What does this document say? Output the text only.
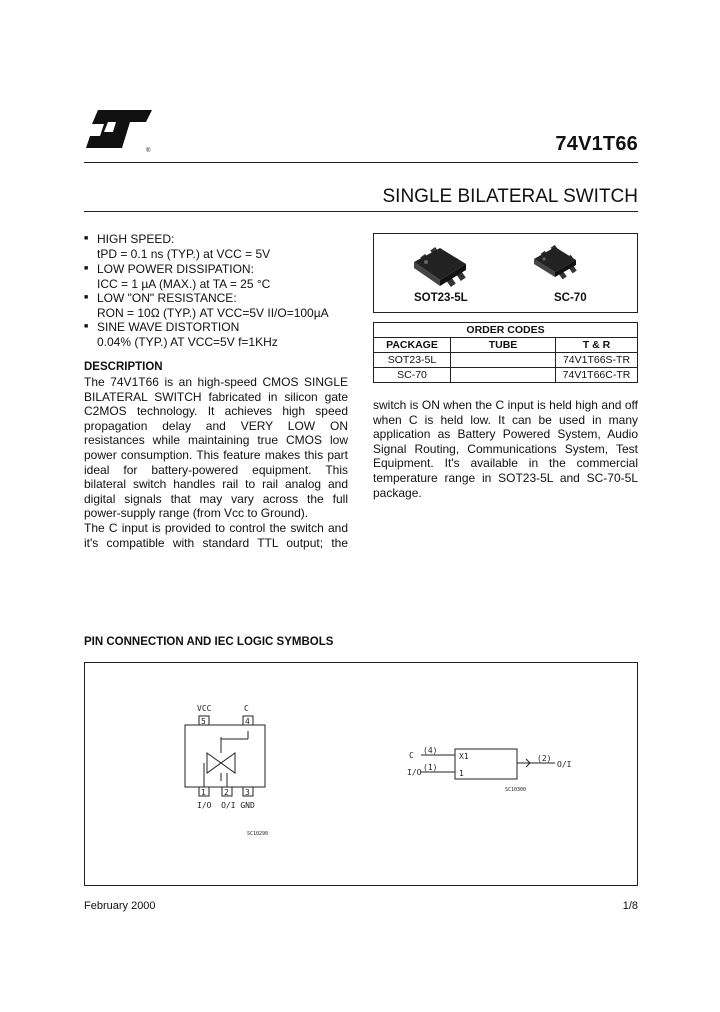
®	74V1T66
SINGLE BILATERAL SWITCH
■ HIGH SPEED:
tPD = 0.1 ns (TYP.) at VCC = 5V
■ LOW POWER DISSIPATION:
ICC = 1 µA (MAX.) at TA = 25 °C
■ LOW "ON" RESISTANCE:
RON = 10Ω (TYP.) AT VCC=5V II/O=100µA
■ SINE WAVE DISTORTION
0.04% (TYP.) AT VCC=5V f=1KHz
DESCRIPTION
The 74V1T66 is an high-speed CMOS SINGLE
BILATERAL SWITCH fabricated in silicon gate
C2MOS technology. It achieves high speed
propagation delay and VERY LOW ON
resistances while maintaining true CMOS low
power consumption. This feature makes this part
ideal for battery-powered equipment. This
bilateral switch handles rail to rail analog and
digital signals that may vary across the full
power-supply range (from Vcc to Ground).
The C input is provided to control the switch and
it's compatible with standard TTL output; the
SOT23-5L	SC-70
ORDER CODES		
PACKAGE	TUBE	T & R
SOT23-5L		74V1T66S-TR
SC-70		74V1T66C-TR
switch is ON when the C input is held high and off
when C is held low. It can be used in many
application as Battery Powered System, Audio
Signal Routing, Communications System, Test
Equipment. It's available in the commercial
temperature range in SOT23-5L and SC-70-5L
package.
PIN CONNECTION AND IEC LOGIC SYMBOLS
VCC	C
5	4
1 2 3
I/O  O/I GND
SC10290
C
(4)
I/O
(1)
X1
1
(2)
O/I
SC10300
February 2000	1/8
